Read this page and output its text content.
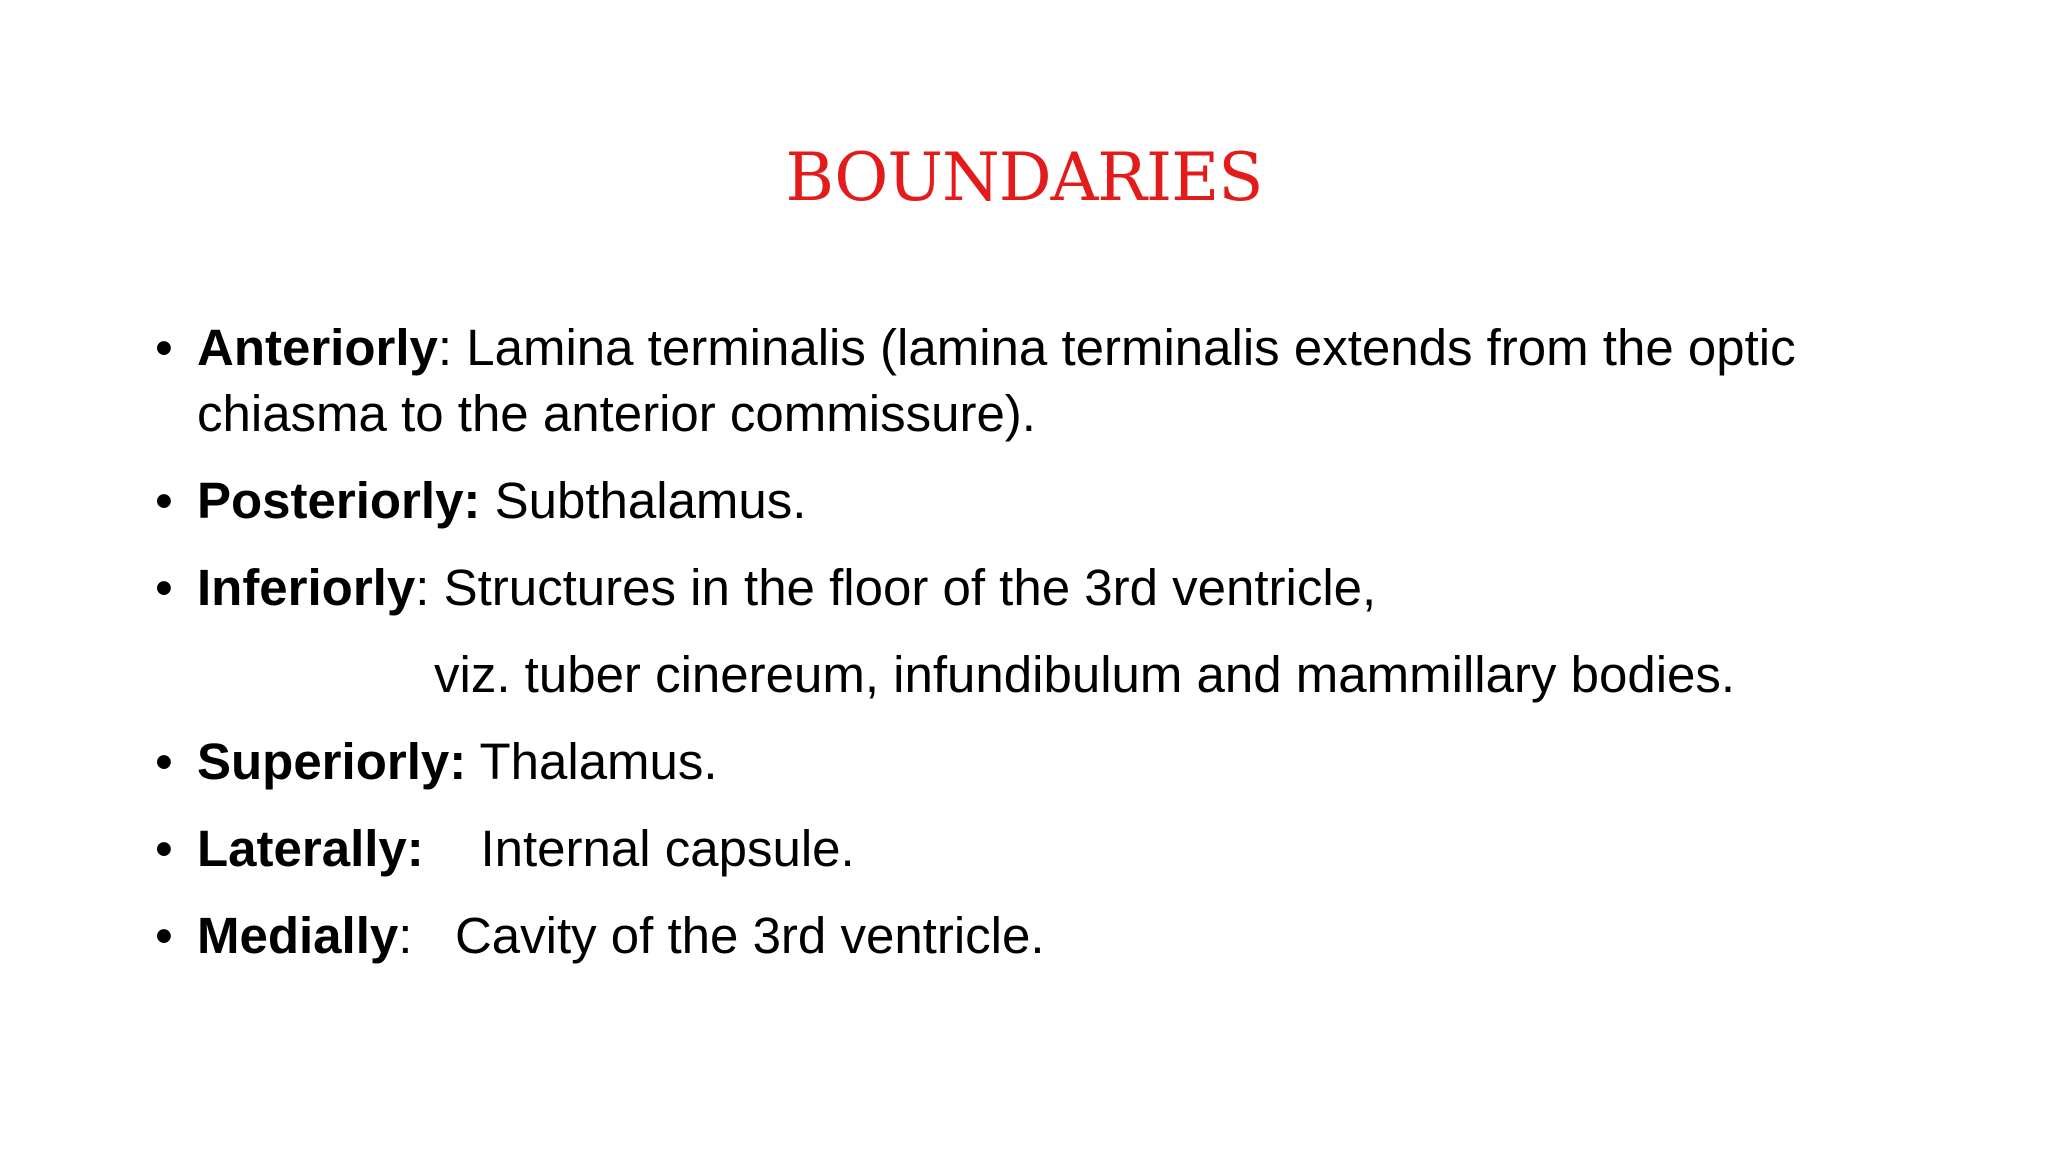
BOUNDARIES
• Anteriorly: Lamina terminalis (lamina terminalis extends from the optic chiasma to the anterior commissure).
• Posteriorly: Subthalamus.
• Inferiorly: Structures in the floor of the 3rd ventricle,
viz. tuber cinereum, infundibulum and mammillary bodies.
• Superiorly: Thalamus.
• Laterally: Internal capsule.
• Medially:   Cavity of the 3rd ventricle.
